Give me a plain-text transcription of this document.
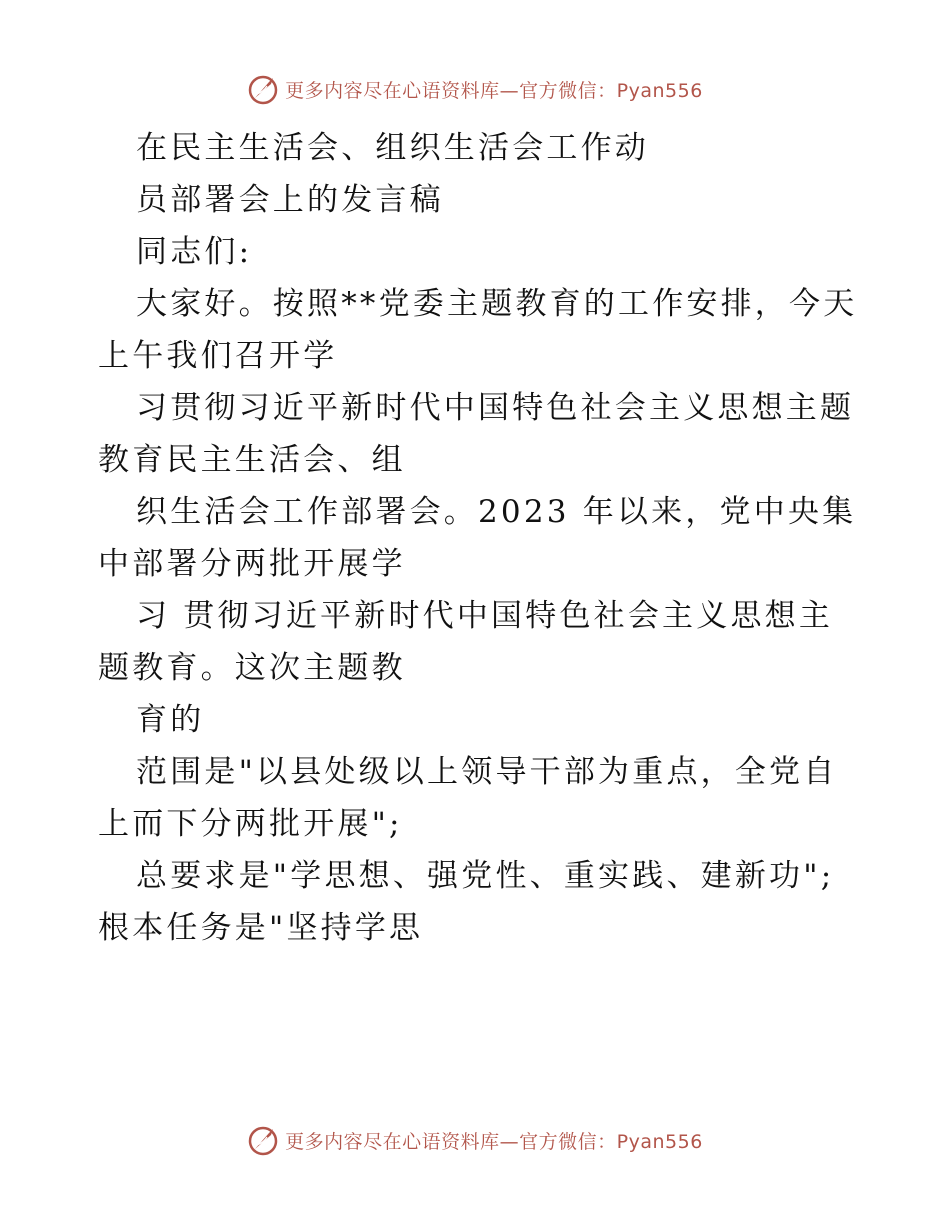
更多内容尽在心语资料库—官方微信：Pyan556
在民主生活会、组织生活会工作动
员部署会上的发言稿
同志们:
大家好。按照**党委主题教育的工作安排，今天
上午我们召开学
习贯彻习近平新时代中国特色社会主义思想主题
教育民主生活会、组
织生活会工作部署会。2023 年以来，党中央集
中部署分两批开展学
习 贯彻习近平新时代中国特色社会主义思想主
题教育。这次主题教
育的
范围是"以县处级以上领导干部为重点，全党自
上而下分两批开展";
总要求是"学思想、强党性、重实践、建新功";
根本任务是"坚持学思
更多内容尽在心语资料库—官方微信：Pyan556
